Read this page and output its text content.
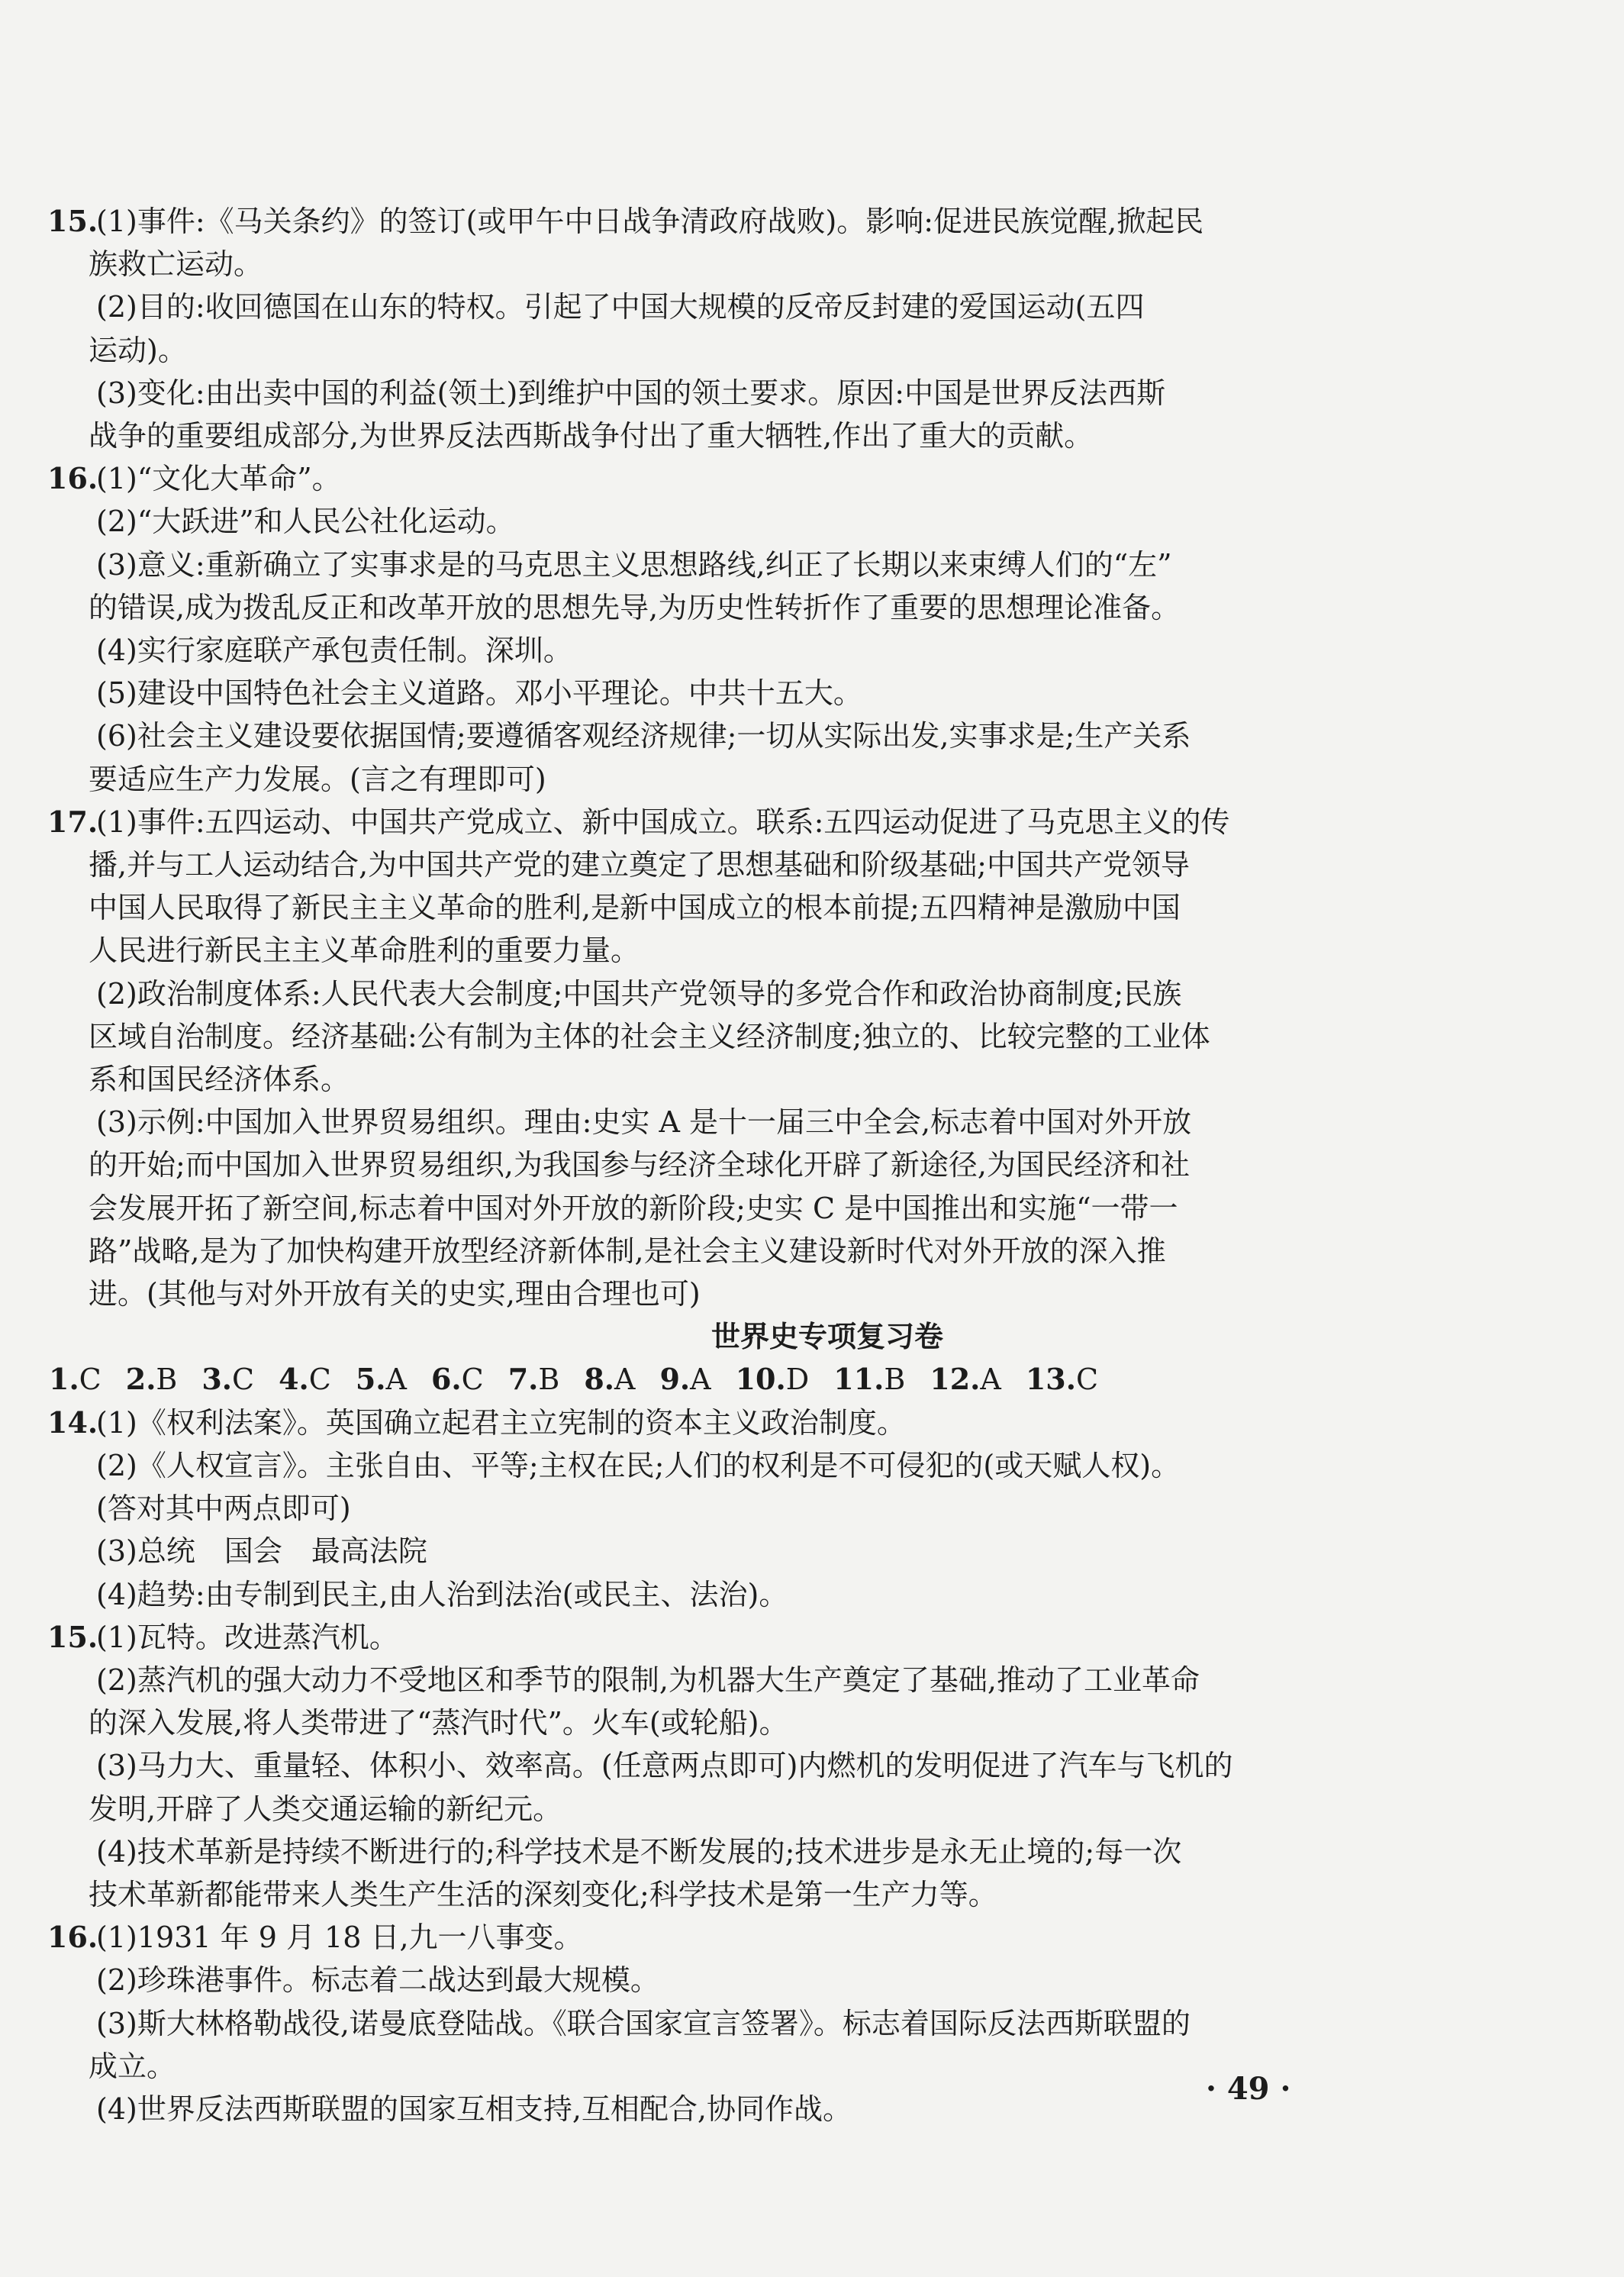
15.
(1)事件:《马关条约》的签订(或甲午中日战争清政府战败)。影响:促进民族觉醒,掀起民
族救亡运动。
(2)目的:收回德国在山东的特权。引起了中国大规模的反帝反封建的爱国运动(五四
运动)。
(3)变化:由出卖中国的利益(领土)到维护中国的领土要求。原因:中国是世界反法西斯
战争的重要组成部分,为世界反法西斯战争付出了重大牺牲,作出了重大的贡献。
16.
(1)“文化大革命”。
(2)“大跃进”和人民公社化运动。
(3)意义:重新确立了实事求是的马克思主义思想路线,纠正了长期以来束缚人们的“左”
的错误,成为拨乱反正和改革开放的思想先导,为历史性转折作了重要的思想理论准备。
(4)实行家庭联产承包责任制。深圳。
(5)建设中国特色社会主义道路。邓小平理论。中共十五大。
(6)社会主义建设要依据国情;要遵循客观经济规律;一切从实际出发,实事求是;生产关系
要适应生产力发展。(言之有理即可)
17.
(1)事件:五四运动、中国共产党成立、新中国成立。联系:五四运动促进了马克思主义的传
播,并与工人运动结合,为中国共产党的建立奠定了思想基础和阶级基础;中国共产党领导
中国人民取得了新民主主义革命的胜利,是新中国成立的根本前提;五四精神是激励中国
人民进行新民主主义革命胜利的重要力量。
(2)政治制度体系:人民代表大会制度;中国共产党领导的多党合作和政治协商制度;民族
区域自治制度。经济基础:公有制为主体的社会主义经济制度;独立的、比较完整的工业体
系和国民经济体系。
(3)示例:中国加入世界贸易组织。理由:史实 A 是十一届三中全会,标志着中国对外开放
的开始;而中国加入世界贸易组织,为我国参与经济全球化开辟了新途径,为国民经济和社
会发展开拓了新空间,标志着中国对外开放的新阶段;史实 C 是中国推出和实施“一带一
路”战略,是为了加快构建开放型经济新体制,是社会主义建设新时代对外开放的深入推
进。(其他与对外开放有关的史实,理由合理也可)
世界史专项复习卷
1.C 2.B 3.C 4.C 5.A 6.C 7.B 8.A 9.A 10.D 11.B 12.A 13.C
14.
(1)《权利法案》。英国确立起君主立宪制的资本主义政治制度。
(2)《人权宣言》。主张自由、平等;主权在民;人们的权利是不可侵犯的(或天赋人权)。
(答对其中两点即可)
(3)总统　国会　最高法院
(4)趋势:由专制到民主,由人治到法治(或民主、法治)。
15.
(1)瓦特。改进蒸汽机。
(2)蒸汽机的强大动力不受地区和季节的限制,为机器大生产奠定了基础,推动了工业革命
的深入发展,将人类带进了“蒸汽时代”。火车(或轮船)。
(3)马力大、重量轻、体积小、效率高。(任意两点即可)内燃机的发明促进了汽车与飞机的
发明,开辟了人类交通运输的新纪元。
(4)技术革新是持续不断进行的;科学技术是不断发展的;技术进步是永无止境的;每一次
技术革新都能带来人类生产生活的深刻变化;科学技术是第一生产力等。
16.
(1)1931 年 9 月 18 日,九一八事变。
(2)珍珠港事件。标志着二战达到最大规模。
(3)斯大林格勒战役,诺曼底登陆战。《联合国家宣言签署》。标志着国际反法西斯联盟的
成立。
(4)世界反法西斯联盟的国家互相支持,互相配合,协同作战。
· 49 ·
